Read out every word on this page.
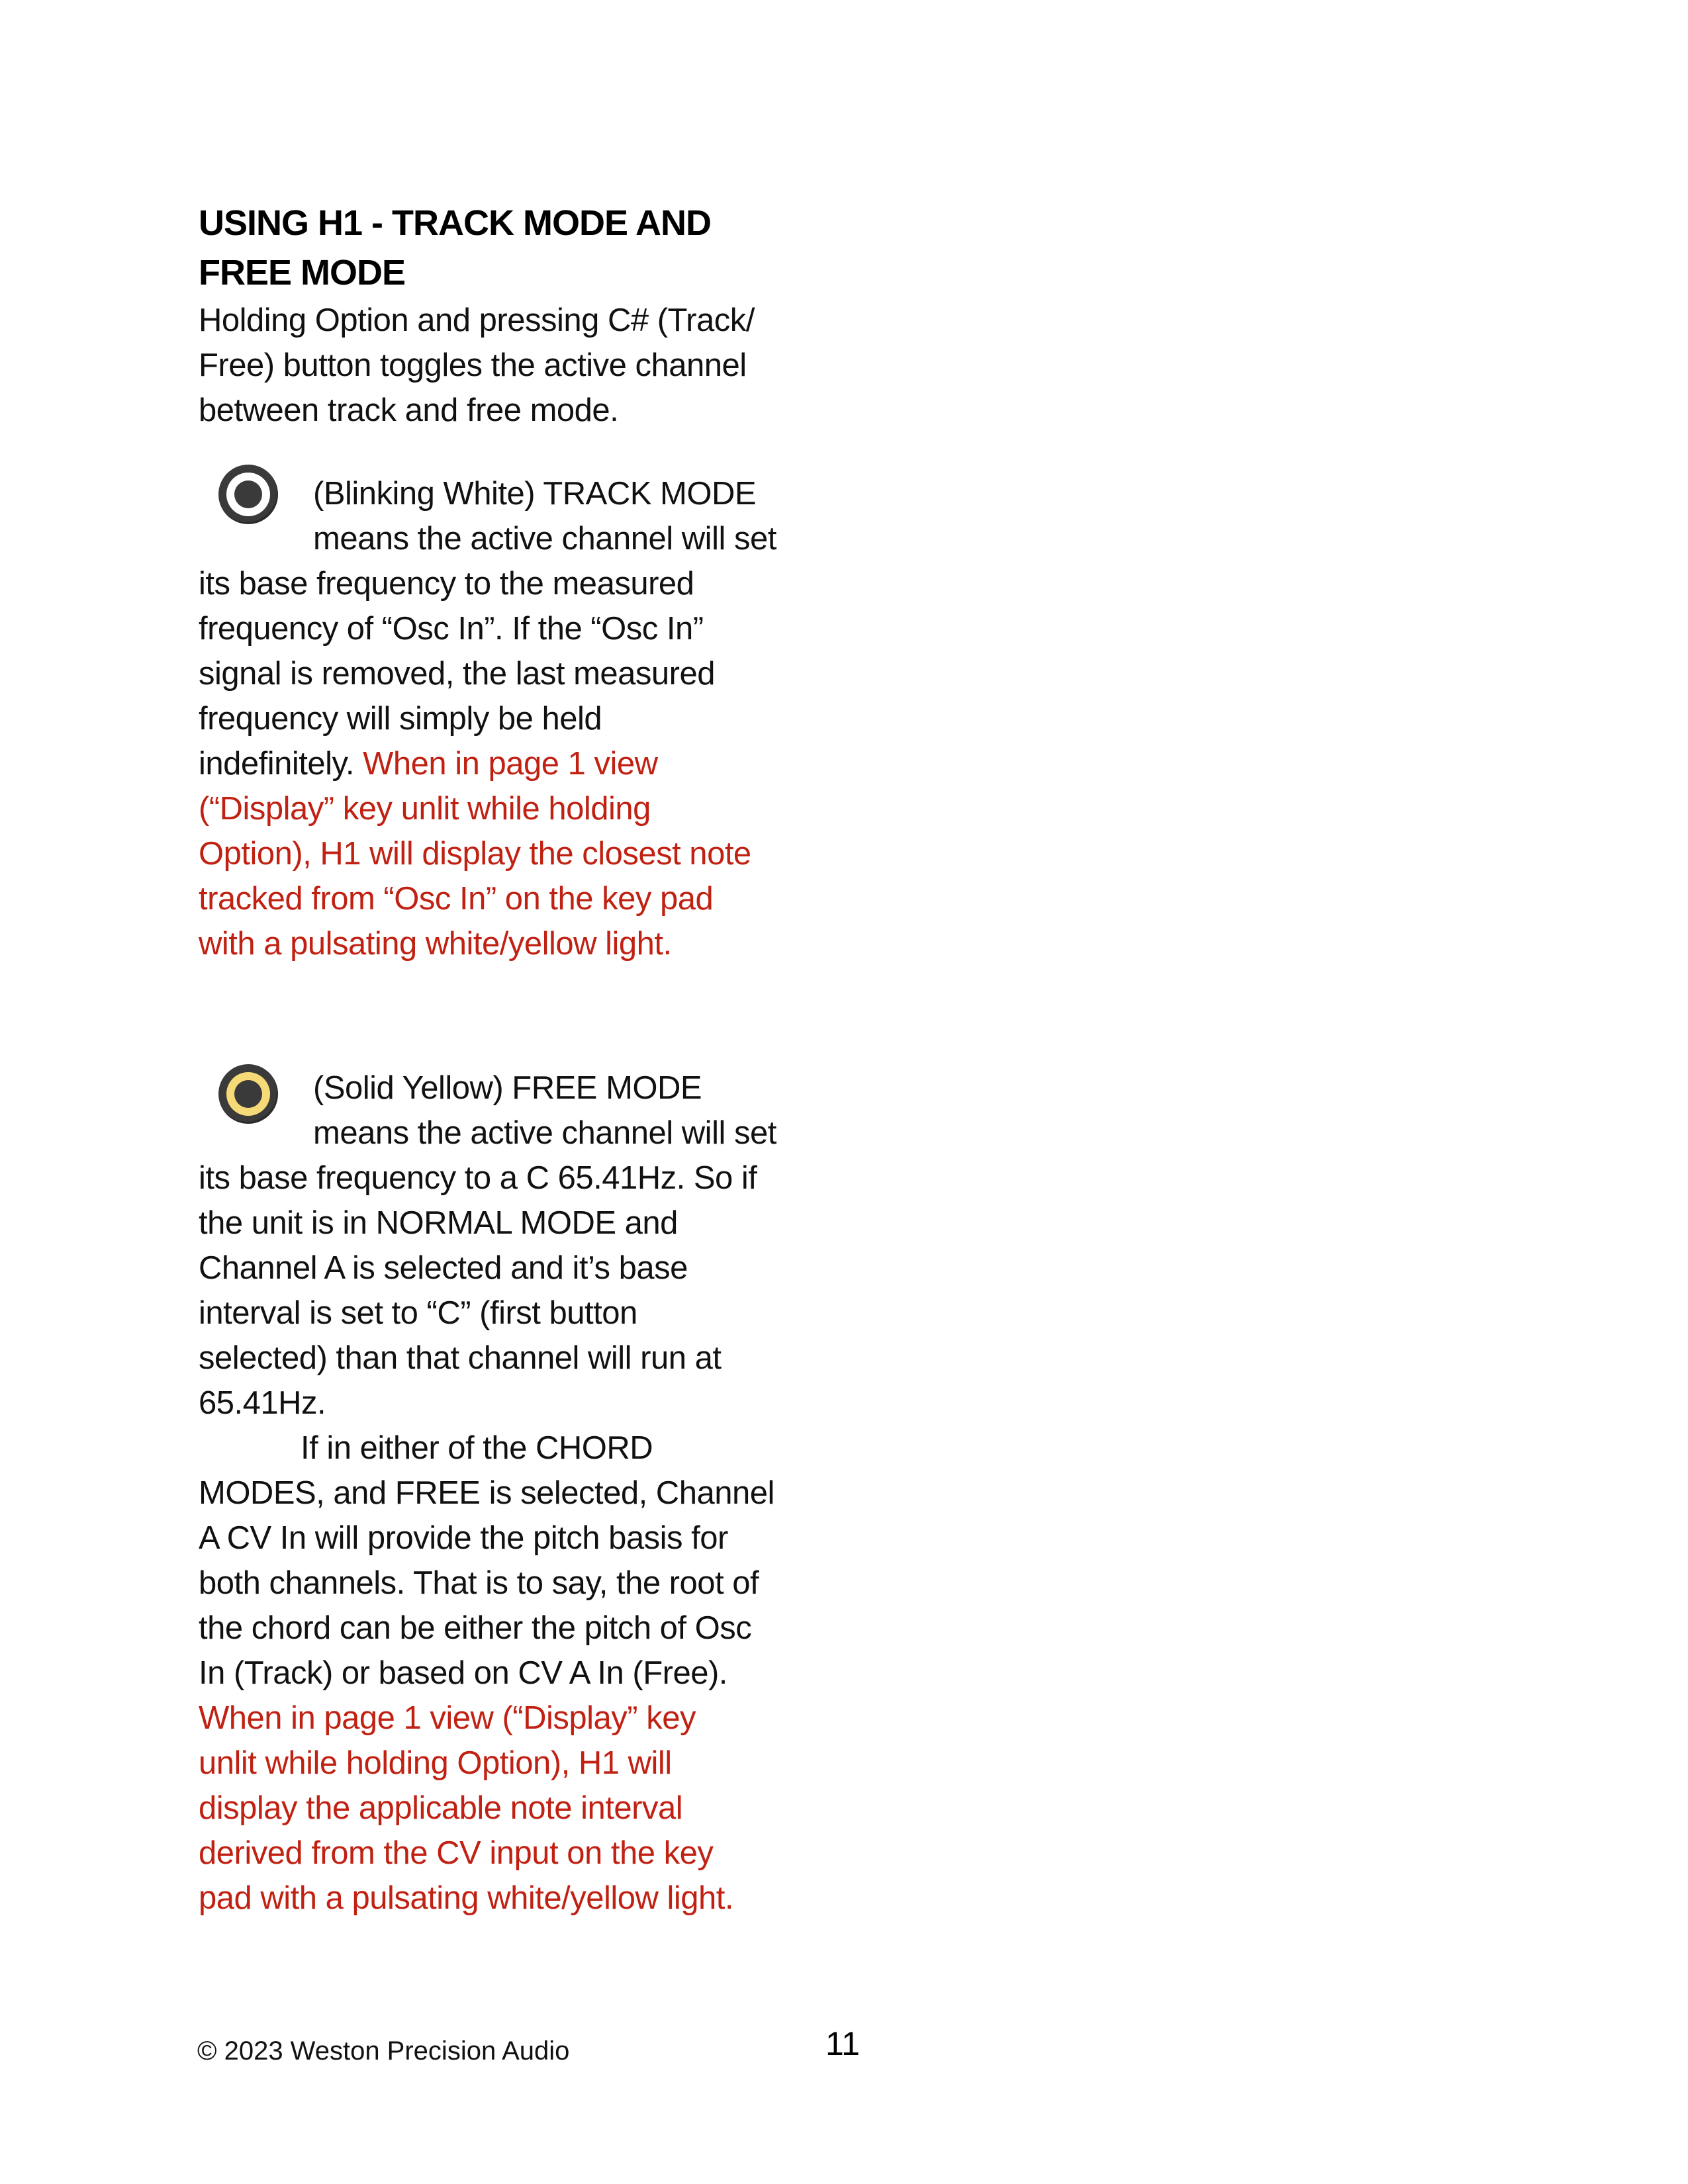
USING H1 - TRACK MODE AND
FREE MODE
Holding Option and pressing C# (Track/
Free) button toggles the active channel
between track and free mode.
(Blinking White) TRACK MODE
means the active channel will set
its base frequency to the measured
frequency of “Osc In”. If the “Osc In”
signal is removed, the last measured
frequency will simply be held
indefinitely. When in page 1 view
(“Display” key unlit while holding
Option), H1 will display the closest note
tracked from “Osc In” on the key pad
with a pulsating white/yellow light.
(Solid Yellow) FREE MODE
means the active channel will set
its base frequency to a C 65.41Hz. So if
the unit is in NORMAL MODE and
Channel A is selected and it’s base
interval is set to “C” (first button
selected) than that channel will run at
65.41Hz.
If in either of the CHORD
MODES, and FREE is selected, Channel
A CV In will provide the pitch basis for
both channels. That is to say, the root of
the chord can be either the pitch of Osc
In (Track) or based on CV A In (Free).
When in page 1 view (“Display” key
unlit while holding Option), H1 will
display the applicable note interval
derived from the CV input on the key
pad with a pulsating white/yellow light.
© 2023 Weston Precision Audio	11
